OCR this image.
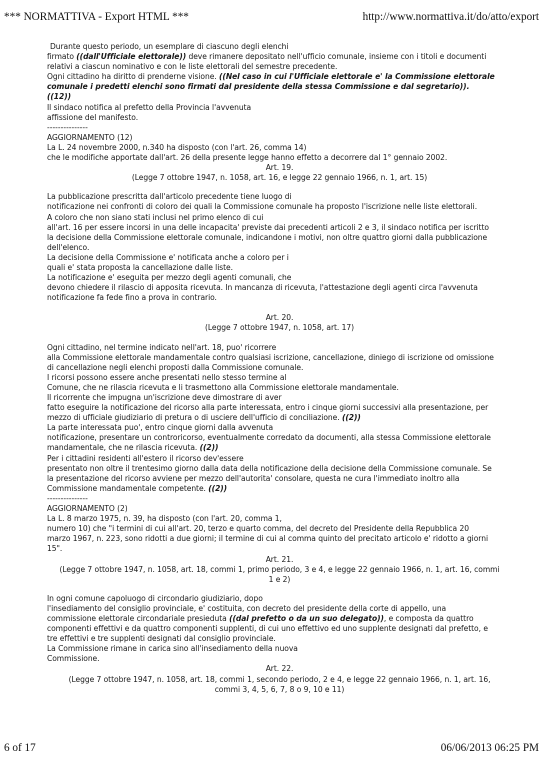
*** NORMATTIVA - Export HTML ***	http://www.normattiva.it/do/atto/export
Durante questo periodo, un esemplare di ciascuno degli elenchi
firmato ((dall'Ufficiale elettorale)) deve rimanere depositato nell'ufficio comunale, insieme con i titoli e documenti
relativi a ciascun nominativo e con le liste elettorali del semestre precedente.
Ogni cittadino ha diritto di prenderne visione. ((Nel caso in cui l'Ufficiale elettorale e' la Commissione elettorale
comunale i predetti elenchi sono firmati dal presidente della stessa Commissione e dal segretario)).
((12))
Il sindaco notifica al prefetto della Provincia l'avvenuta
affissione del manifesto.
---------------
AGGIORNAMENTO (12)
La L. 24 novembre 2000, n.340 ha disposto (con l'art. 26, comma 14)
che le modifiche apportate dall'art. 26 della presente legge hanno effetto a decorrere dal 1° gennaio 2002.
Art. 19.
(Legge 7 ottobre 1947, n. 1058, art. 16, e legge 22 gennaio 1966, n. 1, art. 15)
La pubblicazione prescritta dall'articolo precedente tiene luogo di
notificazione nei confronti di coloro dei quali la Commissione comunale ha proposto l'iscrizione nelle liste elettorali.
A coloro che non siano stati inclusi nel primo elenco di cui
all'art. 16 per essere incorsi in una delle incapacita' previste dai precedenti articoli 2 e 3, il sindaco notifica per iscritto
la decisione della Commissione elettorale comunale, indicandone i motivi, non oltre quattro giorni dalla pubblicazione
dell'elenco.
La decisione della Commissione e' notificata anche a coloro per i
quali e' stata proposta la cancellazione dalle liste.
La notificazione e' eseguita per mezzo degli agenti comunali, che
devono chiedere il rilascio di apposita ricevuta. In mancanza di ricevuta, l'attestazione degli agenti circa l'avvenuta
notificazione fa fede fino a prova in contrario.
Art. 20.
(Legge 7 ottobre 1947, n. 1058, art. 17)
Ogni cittadino, nel termine indicato nell'art. 18, puo' ricorrere
alla Commissione elettorale mandamentale contro qualsiasi iscrizione, cancellazione, diniego di iscrizione od omissione
di cancellazione negli elenchi proposti dalla Commissione comunale.
I ricorsi possono essere anche presentati nello stesso termine al
Comune, che ne rilascia ricevuta e li trasmettono alla Commissione elettorale mandamentale.
Il ricorrente che impugna un'iscrizione deve dimostrare di aver
fatto eseguire la notificazione del ricorso alla parte interessata, entro i cinque giorni successivi alla presentazione, per
mezzo di ufficiale giudiziario di pretura o di usciere dell'ufficio di conciliazione. ((2))
La parte interessata puo', entro cinque giorni dalla avvenuta
notificazione, presentare un controricorso, eventualmente corredato da documenti, alla stessa Commissione elettorale
mandamentale, che ne rilascia ricevuta. ((2))
Per i cittadini residenti all'estero il ricorso dev'essere
presentato non oltre il trentesimo giorno dalla data della notificazione della decisione della Commissione comunale. Se
la presentazione del ricorso avviene per mezzo dell'autorita' consolare, questa ne cura l'immediato inoltro alla
Commissione mandamentale competente. ((2))
---------------
AGGIORNAMENTO (2)
La L. 8 marzo 1975, n. 39, ha disposto (con l'art. 20, comma 1,
numero 10) che "i termini di cui all'art. 20, terzo e quarto comma, del decreto del Presidente della Repubblica 20
marzo 1967, n. 223, sono ridotti a due giorni; il termine di cui al comma quinto del precitato articolo e' ridotto a giorni
15".
Art. 21.
(Legge 7 ottobre 1947, n. 1058, art. 18, commi 1, primo periodo, 3 e 4, e legge 22 gennaio 1966, n. 1, art. 16, commi 1 e 2)
In ogni comune capoluogo di circondario giudiziario, dopo
l'insediamento del consiglio provinciale, e' costituita, con decreto del presidente della corte di appello, una
commissione elettorale circondariale presieduta ((dal prefetto o da un suo delegato)), e composta da quattro
componenti effettivi e da quattro componenti supplenti, di cui uno effettivo ed uno supplente designati dal prefetto, e
tre effettivi e tre supplenti designati dal consiglio provinciale.
La Commissione rimane in carica sino all'insediamento della nuova
Commissione.
Art. 22.
(Legge 7 ottobre 1947, n. 1058, art. 18, commi 1, secondo periodo, 2 e 4, e legge 22 gennaio 1966, n. 1, art. 16, commi 3, 4, 5, 6, 7, 8 o 9, 10 e 11)
6 of 17	06/06/2013 06:25 PM
